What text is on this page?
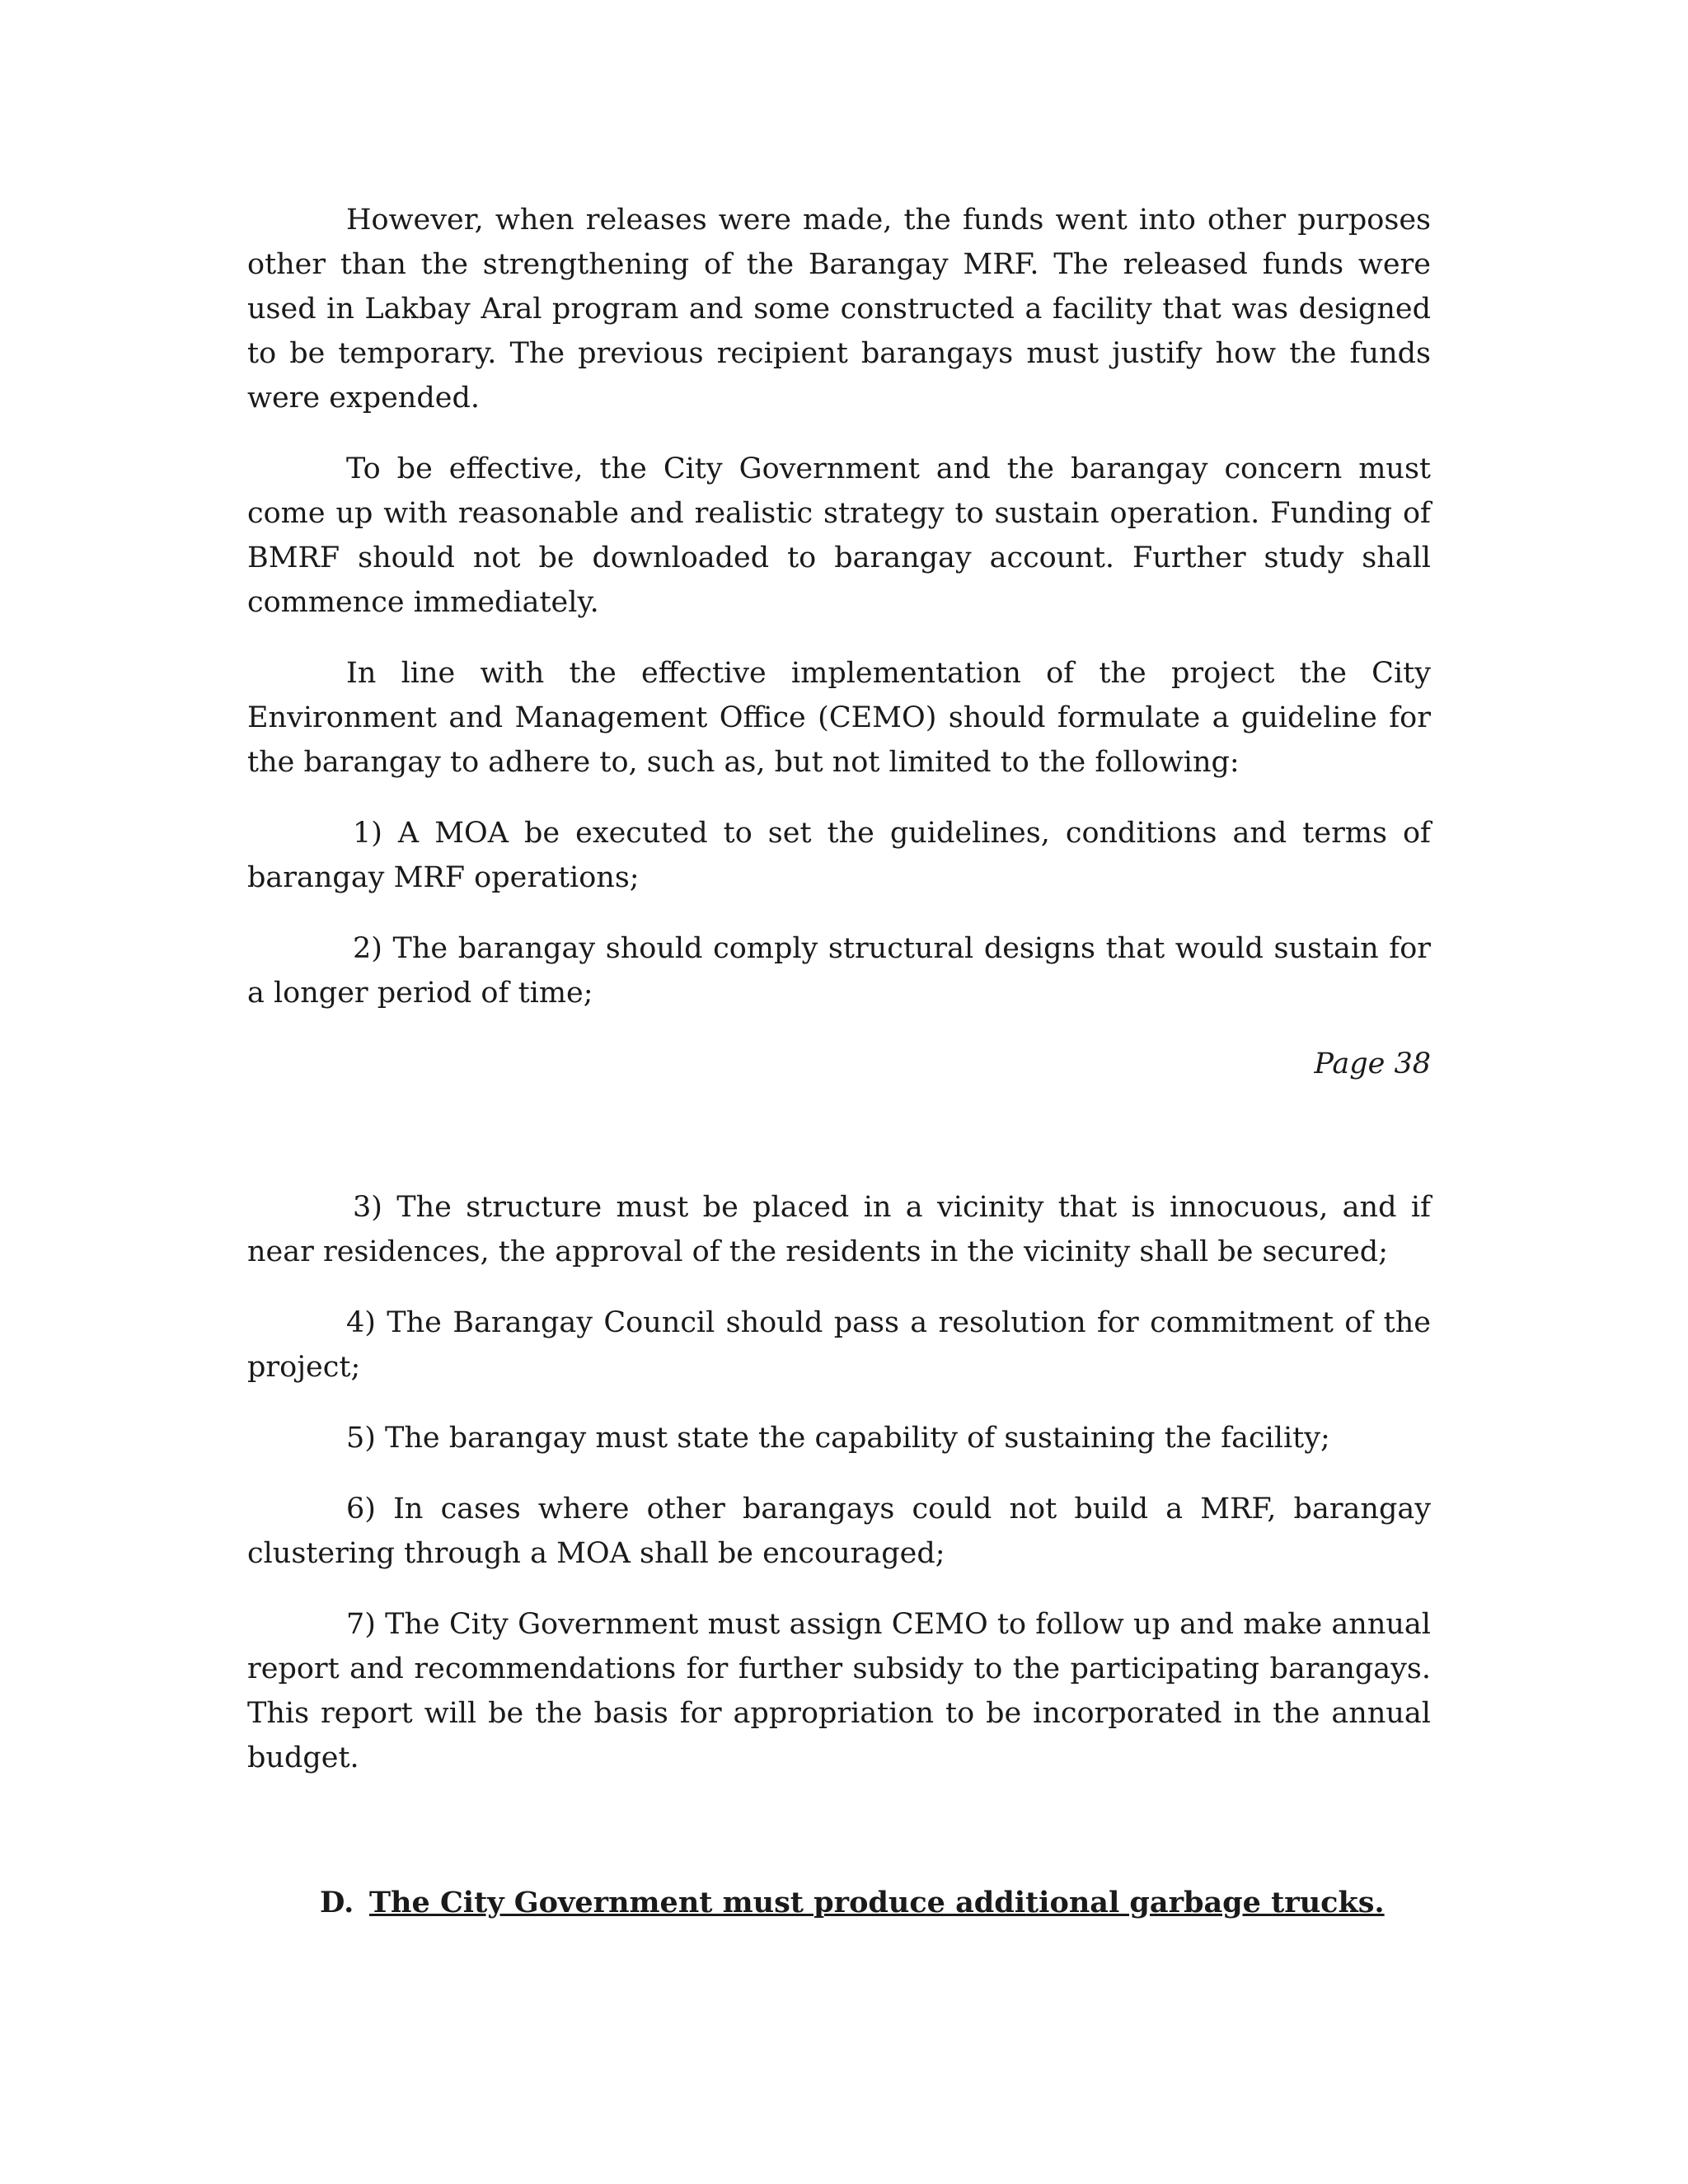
However, when releases were made, the funds went into other purposes other than the strengthening of the Barangay MRF. The released funds were used in Lakbay Aral program and some constructed a facility that was designed to be temporary. The previous recipient barangays must justify how the funds were expended.

To be effective, the City Government and the barangay concern must come up with reasonable and realistic strategy to sustain operation. Funding of BMRF should not be downloaded to barangay account. Further study shall commence immediately.

In line with the effective implementation of the project the City Environment and Management Office (CEMO) should formulate a guideline for the barangay to adhere to, such as, but not limited to the following:

1) A MOA be executed to set the guidelines, conditions and terms of barangay MRF operations;

2) The barangay should comply structural designs that would sustain for a longer period of time;

Page 38

3) The structure must be placed in a vicinity that is innocuous, and if near residences, the approval of the residents in the vicinity shall be secured;

4) The Barangay Council should pass a resolution for commitment of the project;

5) The barangay must state the capability of sustaining the facility;

6) In cases where other barangays could not build a MRF, barangay clustering through a MOA shall be encouraged;

7) The City Government must assign CEMO to follow up and make annual report and recommendations for further subsidy to the participating barangays. This report will be the basis for appropriation to be incorporated in the annual budget.

D. The City Government must produce additional garbage trucks.
